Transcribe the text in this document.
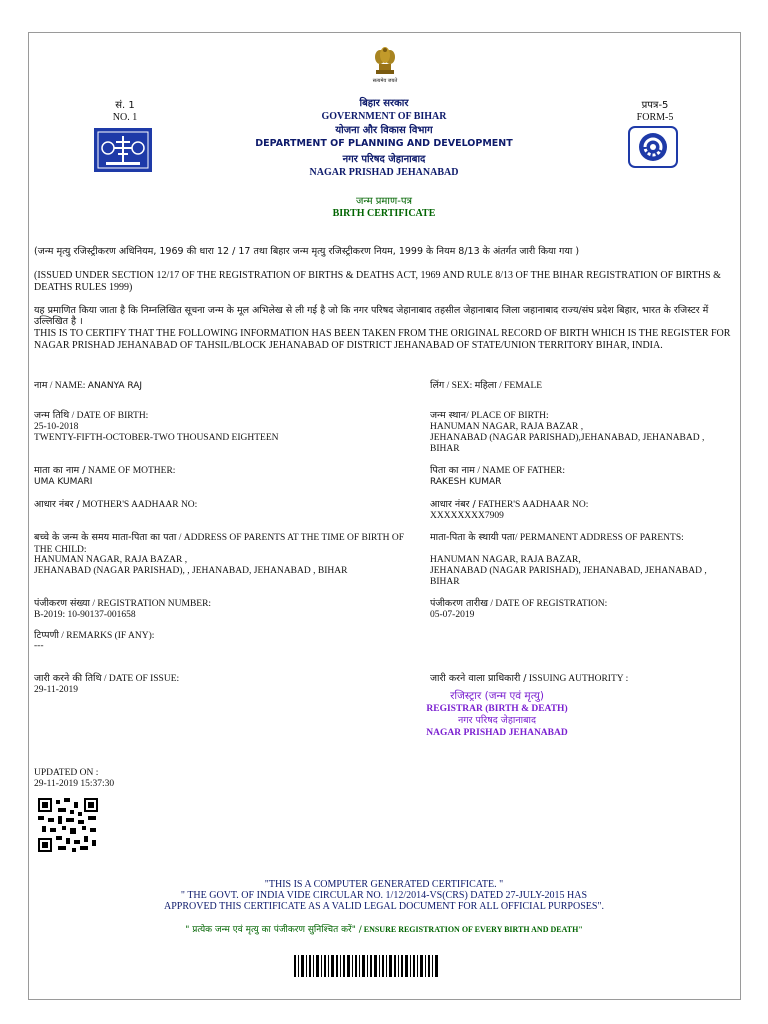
सत्यमेव जयते
सं. 1
NO. 1
बिहार सरकार
GOVERNMENT OF BIHAR
योजना और विकास विभाग
DEPARTMENT OF PLANNING AND DEVELOPMENT
नगर परिषद जेहानाबाद
NAGAR PRISHAD JEHANABAD
प्रपत्र-5
FORM-5
जन्म प्रमाण-पत्र
BIRTH CERTIFICATE
(जन्म मृत्यु रजिस्ट्रीकरण अधिनियम, 1969 की धारा 12 / 17 तथा बिहार जन्म मृत्यु रजिस्ट्रीकरण नियम, 1999 के नियम 8/13 के अंतर्गत जारी किया गया )
(ISSUED UNDER SECTION 12/17 OF THE REGISTRATION OF BIRTHS & DEATHS ACT, 1969 AND RULE 8/13 OF THE BIHAR REGISTRATION OF BIRTHS & DEATHS RULES 1999)
यह प्रमाणित किया जाता है कि निम्नलिखित सूचना जन्म के मूल अभिलेख से ली गई है जो कि नगर परिषद जेहानाबाद तहसील जेहानाबाद जिला जहानाबाद राज्य/संघ प्रदेश बिहार, भारत के रजिस्टर में उल्लिखित है ।
THIS IS TO CERTIFY THAT THE FOLLOWING INFORMATION HAS BEEN TAKEN FROM THE ORIGINAL RECORD OF BIRTH WHICH IS THE REGISTER FOR NAGAR PRISHAD JEHANABAD OF TAHSIL/BLOCK JEHANABAD OF DISTRICT JEHANABAD OF STATE/UNION TERRITORY BIHAR, INDIA.
नाम / NAME: ANANYA RAJ	लिंग / SEX: महिला / FEMALE
जन्म तिथि / DATE OF BIRTH:
25-10-2018
TWENTY-FIFTH-OCTOBER-TWO THOUSAND EIGHTEEN
जन्म स्थान/ PLACE OF BIRTH:
HANUMAN NAGAR, RAJA BAZAR ,
JEHANABAD (NAGAR PARISHAD),JEHANABAD, JEHANABAD ,
BIHAR
माता का नाम / NAME OF MOTHER:
UMA KUMARI
पिता का नाम / NAME OF FATHER:
RAKESH KUMAR
आधार नंबर / MOTHER'S AADHAAR NO:	आधार नंबर / FATHER'S AADHAAR NO:
XXXXXXXX7909
बच्चे के जन्म के समय माता-पिता का पता / ADDRESS OF PARENTS AT THE TIME OF BIRTH OF THE CHILD:
HANUMAN NAGAR, RAJA BAZAR ,
JEHANABAD (NAGAR PARISHAD), , JEHANABAD, JEHANABAD , BIHAR
माता-पिता के स्थायी पता/ PERMANENT ADDRESS OF PARENTS:
HANUMAN NAGAR, RAJA BAZAR,
JEHANABAD (NAGAR PARISHAD), JEHANABAD, JEHANABAD ,
BIHAR
पंजीकरण संख्या / REGISTRATION NUMBER:
B-2019: 10-90137-001658
पंजीकरण तारीख / DATE OF REGISTRATION:
05-07-2019
टिप्पणी / REMARKS (IF ANY):
---
जारी करने की तिथि / DATE OF ISSUE:
29-11-2019
जारी करने वाला प्राधिकारी / ISSUING AUTHORITY :
रजिस्ट्रार (जन्म एवं मृत्यु)
REGISTRAR (BIRTH & DEATH)
नगर परिषद जेहानाबाद
NAGAR PRISHAD JEHANABAD
UPDATED ON :
29-11-2019 15:37:30
"THIS IS A COMPUTER GENERATED CERTIFICATE. "
" THE GOVT. OF INDIA VIDE CIRCULAR NO. 1/12/2014-VS(CRS) DATED 27-JULY-2015 HAS
APPROVED THIS CERTIFICATE AS A VALID LEGAL DOCUMENT FOR ALL OFFICIAL PURPOSES".
" प्रत्येक जन्म एवं मृत्यु का पंजीकरण सुनिश्चित करें" / ENSURE REGISTRATION OF EVERY BIRTH AND DEATH"
